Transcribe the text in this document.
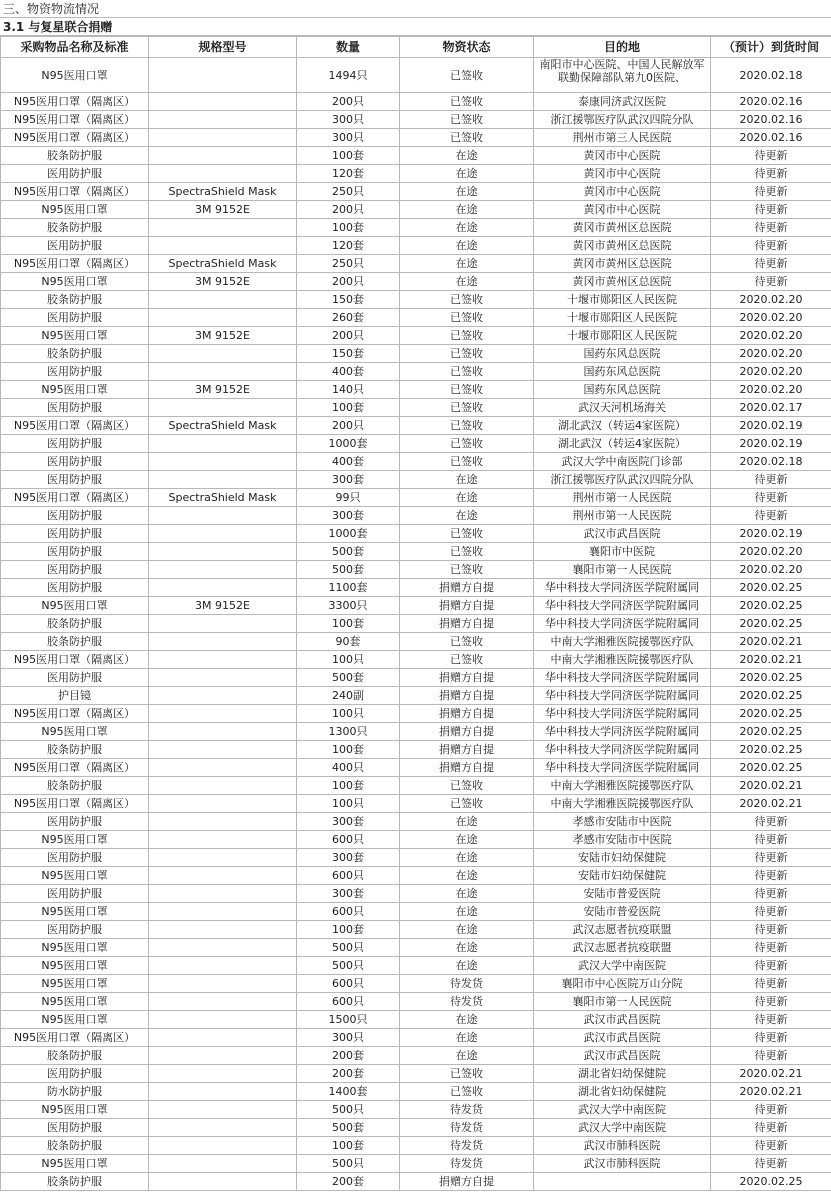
三、物资物流情况
3.1 与复星联合捐赠
采购物品名称及标准	规格型号	数量	物资状态	目的地	（预计）到货时间
N95医用口罩		1494只	已签收	南阳市中心医院、中国人民解放军联勤保障部队第九0医院、	2020.02.18
N95医用口罩（隔离区）		200只	已签收	泰康同济武汉医院	2020.02.16
N95医用口罩（隔离区）		300只	已签收	浙江援鄂医疗队武汉四院分队	2020.02.16
N95医用口罩（隔离区）		300只	已签收	荆州市第三人民医院	2020.02.16
胶条防护服		100套	在途	黄冈市中心医院	待更新
医用防护服		120套	在途	黄冈市中心医院	待更新
N95医用口罩（隔离区）	SpectraShield Mask	250只	在途	黄冈市中心医院	待更新
N95医用口罩	3M 9152E	200只	在途	黄冈市中心医院	待更新
胶条防护服		100套	在途	黄冈市黄州区总医院	待更新
医用防护服		120套	在途	黄冈市黄州区总医院	待更新
N95医用口罩（隔离区）	SpectraShield Mask	250只	在途	黄冈市黄州区总医院	待更新
N95医用口罩	3M 9152E	200只	在途	黄冈市黄州区总医院	待更新
胶条防护服		150套	已签收	十堰市郧阳区人民医院	2020.02.20
医用防护服		260套	已签收	十堰市郧阳区人民医院	2020.02.20
N95医用口罩	3M 9152E	200只	已签收	十堰市郧阳区人民医院	2020.02.20
胶条防护服		150套	已签收	国药东风总医院	2020.02.20
医用防护服		400套	已签收	国药东风总医院	2020.02.20
N95医用口罩	3M 9152E	140只	已签收	国药东风总医院	2020.02.20
医用防护服		100套	已签收	武汉天河机场海关	2020.02.17
N95医用口罩（隔离区）	SpectraShield Mask	200只	已签收	湖北武汉（转运4家医院）	2020.02.19
医用防护服		1000套	已签收	湖北武汉（转运4家医院）	2020.02.19
医用防护服		400套	已签收	武汉大学中南医院门诊部	2020.02.18
医用防护服		300套	在途	浙江援鄂医疗队武汉四院分队	待更新
N95医用口罩（隔离区）	SpectraShield Mask	99只	在途	荆州市第一人民医院	待更新
医用防护服		300套	在途	荆州市第一人民医院	待更新
医用防护服		1000套	已签收	武汉市武昌医院	2020.02.19
医用防护服		500套	已签收	襄阳市中医院	2020.02.20
医用防护服		500套	已签收	襄阳市第一人民医院	2020.02.20
医用防护服		1100套	捐赠方自提	华中科技大学同济医学院附属同	2020.02.25
N95医用口罩	3M 9152E	3300只	捐赠方自提	华中科技大学同济医学院附属同	2020.02.25
胶条防护服		100套	捐赠方自提	华中科技大学同济医学院附属同	2020.02.25
胶条防护服		90套	已签收	中南大学湘雅医院援鄂医疗队	2020.02.21
N95医用口罩（隔离区）		100只	已签收	中南大学湘雅医院援鄂医疗队	2020.02.21
医用防护服		500套	捐赠方自提	华中科技大学同济医学院附属同	2020.02.25
护目镜		240副	捐赠方自提	华中科技大学同济医学院附属同	2020.02.25
N95医用口罩（隔离区）		100只	捐赠方自提	华中科技大学同济医学院附属同	2020.02.25
N95医用口罩		1300只	捐赠方自提	华中科技大学同济医学院附属同	2020.02.25
胶条防护服		100套	捐赠方自提	华中科技大学同济医学院附属同	2020.02.25
N95医用口罩（隔离区）		400只	捐赠方自提	华中科技大学同济医学院附属同	2020.02.25
胶条防护服		100套	已签收	中南大学湘雅医院援鄂医疗队	2020.02.21
N95医用口罩（隔离区）		100只	已签收	中南大学湘雅医院援鄂医疗队	2020.02.21
医用防护服		300套	在途	孝感市安陆市中医院	待更新
N95医用口罩		600只	在途	孝感市安陆市中医院	待更新
医用防护服		300套	在途	安陆市妇幼保健院	待更新
N95医用口罩		600只	在途	安陆市妇幼保健院	待更新
医用防护服		300套	在途	安陆市普爱医院	待更新
N95医用口罩		600只	在途	安陆市普爱医院	待更新
医用防护服		100套	在途	武汉志愿者抗疫联盟	待更新
N95医用口罩		500只	在途	武汉志愿者抗疫联盟	待更新
N95医用口罩		500只	在途	武汉大学中南医院	待更新
N95医用口罩		600只	待发货	襄阳市中心医院万山分院	待更新
N95医用口罩		600只	待发货	襄阳市第一人民医院	待更新
N95医用口罩		1500只	在途	武汉市武昌医院	待更新
N95医用口罩（隔离区）		300只	在途	武汉市武昌医院	待更新
胶条防护服		200套	在途	武汉市武昌医院	待更新
医用防护服		200套	已签收	湖北省妇幼保健院	2020.02.21
防水防护服		1400套	已签收	湖北省妇幼保健院	2020.02.21
N95医用口罩		500只	待发货	武汉大学中南医院	待更新
医用防护服		500套	待发货	武汉大学中南医院	待更新
胶条防护服		100套	待发货	武汉市肺科医院	待更新
N95医用口罩		500只	待发货	武汉市肺科医院	待更新
胶条防护服		200套	捐赠方自提		2020.02.25
